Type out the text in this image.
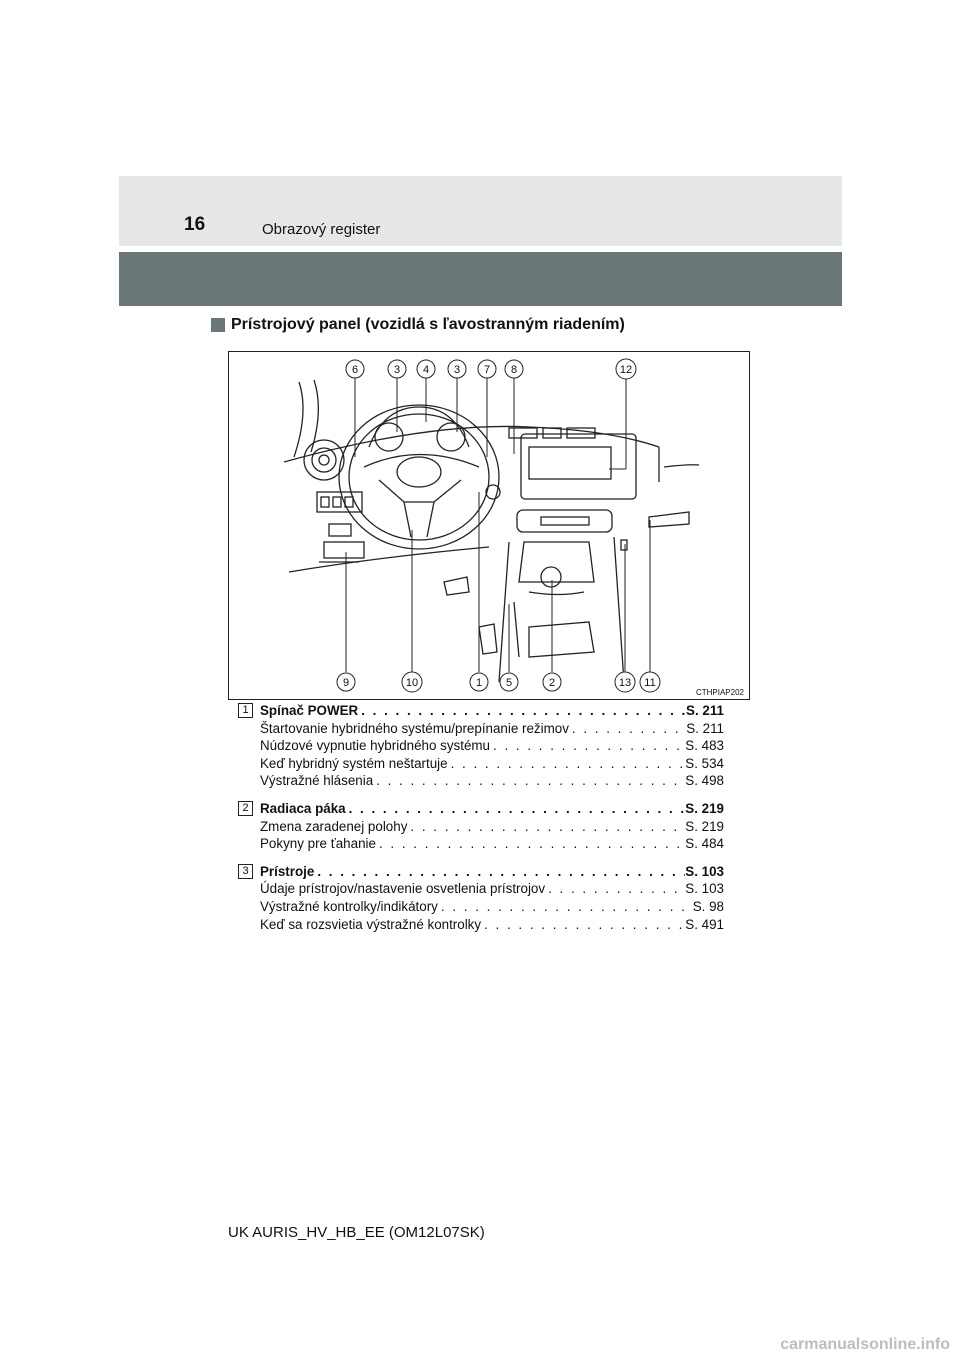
16	Obrazový register
Prístrojový panel (vozidlá s ľavostranným riadením)
6	3 4 3 7 8	12
9	10	1 5	2	13 11
CTHPIAP202
1 Spínač POWER . . .	S. 211
Štartovanie hybridného systému/prepínanie režimov . . .	S. 211
Núdzové vypnutie hybridného systému . . .	S. 483
Keď hybridný systém neštartuje . . .	S. 534
Výstražné hlásenia . . .	S. 498
2 Radiaca páka . . .	S. 219
Zmena zaradenej polohy . . .	S. 219
Pokyny pre ťahanie . . .	S. 484
3 Prístroje . . .	S. 103
Údaje prístrojov/nastavenie osvetlenia prístrojov . . .	S. 103
Výstražné kontrolky/indikátory . . .	S. 98
Keď sa rozsvietia výstražné kontrolky . . .	S. 491
UK AURIS_HV_HB_EE (OM12L07SK)
carmanualsonline.info
